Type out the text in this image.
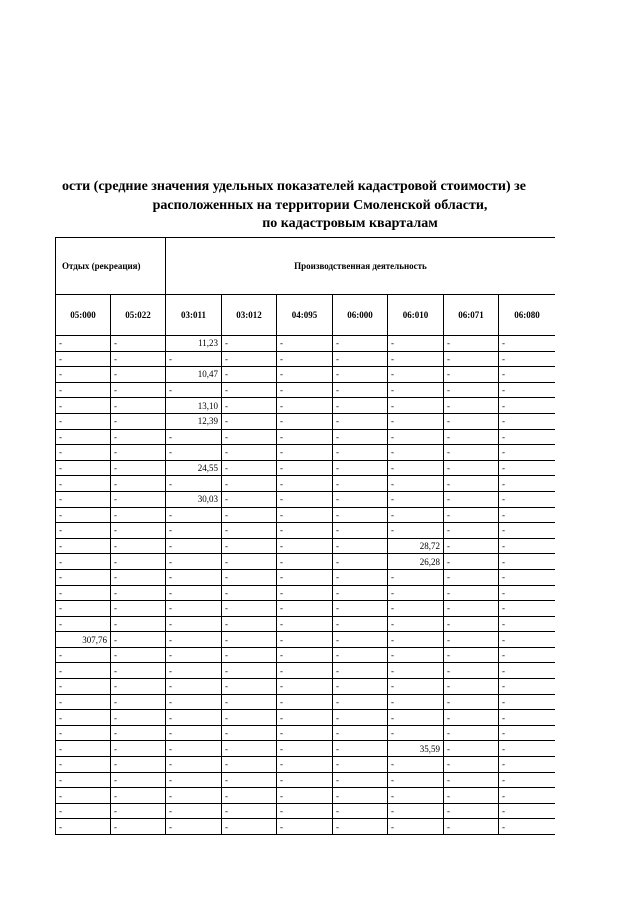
ости (средние значения удельных показателей кадастровой стоимости) зе
расположенных на территории Смоленской области,
по кадастровым кварталам
Отдых (рекреация)		Производственная деятельность						
05:000	05:022	03:011	03:012	04:095	06:000	06:010	06:071	06:080
-	-	11,23	-	-	-	-	-	-
-	-	-	-	-	-	-	-	-
-	-	10,47	-	-	-	-	-	-
-	-	-	-	-	-	-	-	-
-	-	13,10	-	-	-	-	-	-
-	-	12,39	-	-	-	-	-	-
-	-	-	-	-	-	-	-	-
-	-	-	-	-	-	-	-	-
-	-	24,55	-	-	-	-	-	-
-	-	-	-	-	-	-	-	-
-	-	30,03	-	-	-	-	-	-
-	-	-	-	-	-	-	-	-
-	-	-	-	-	-	-	-	-
-	-	-	-	-	-	28,72	-	-
-	-	-	-	-	-	26,28	-	-
-	-	-	-	-	-	-	-	-
-	-	-	-	-	-	-	-	-
-	-	-	-	-	-	-	-	-
-	-	-	-	-	-	-	-	-
307,76	-	-	-	-	-	-	-	-
-	-	-	-	-	-	-	-	-
-	-	-	-	-	-	-	-	-
-	-	-	-	-	-	-	-	-
-	-	-	-	-	-	-	-	-
-	-	-	-	-	-	-	-	-
-	-	-	-	-	-	-	-	-
-	-	-	-	-	-	35,59	-	-
-	-	-	-	-	-	-	-	-
-	-	-	-	-	-	-	-	-
-	-	-	-	-	-	-	-	-
-	-	-	-	-	-	-	-	-
-	-	-	-	-	-	-	-	-
